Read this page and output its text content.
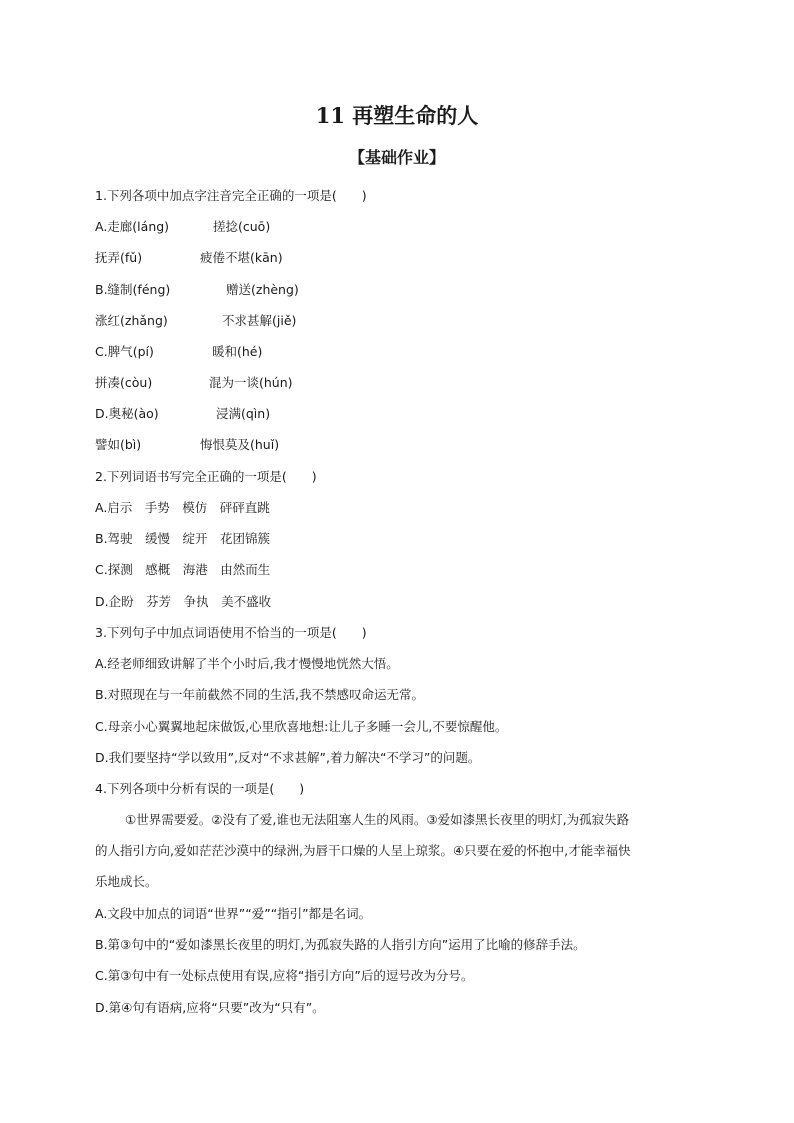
11 再塑生命的人
【基础作业】
1.下列各项中加点字注音完全正确的一项是(　　)
A.走廊(láng)	搓捻(cuō)
抚弄(fǔ)	疲倦不堪(kān)
B.缝制(féng)	赠送(zhèng)
涨红(zhǎng)	不求甚解(jiě)
C.脾气(pí)	暖和(hé)
拼凑(còu)	混为一谈(hún)
D.奥秘(ào)	浸满(qìn)
譬如(bì)	悔恨莫及(huǐ)
2.下列词语书写完全正确的一项是(　　)
A.启示　手势　模仿　砰砰直跳
B.驾驶　缓慢　绽开　花团锦簇
C.探测　感概　海港　由然而生
D.企盼　芬芳　争执　美不盛收
3.下列句子中加点词语使用不恰当的一项是(　　)
A.经老师细致讲解了半个小时后,我才慢慢地恍然大悟。
B.对照现在与一年前截然不同的生活,我不禁感叹命运无常。
C.母亲小心翼翼地起床做饭,心里欣喜地想:让儿子多睡一会儿,不要惊醒他。
D.我们要坚持“学以致用”,反对“不求甚解”,着力解决“不学习”的问题。
4.下列各项中分析有误的一项是(　　)
①世界需要爱。②没有了爱,谁也无法阻塞人生的风雨。③爱如漆黑长夜里的明灯,为孤寂失路
的人指引方向,爱如茫茫沙漠中的绿洲,为唇干口燥的人呈上琼浆。④只要在爱的怀抱中,才能幸福快
乐地成长。
A.文段中加点的词语“世界”“爱”“指引”都是名词。
B.第③句中的“爱如漆黑长夜里的明灯,为孤寂失路的人指引方向”运用了比喻的修辞手法。
C.第③句中有一处标点使用有误,应将“指引方向”后的逗号改为分号。
D.第④句有语病,应将“只要”改为“只有”。
